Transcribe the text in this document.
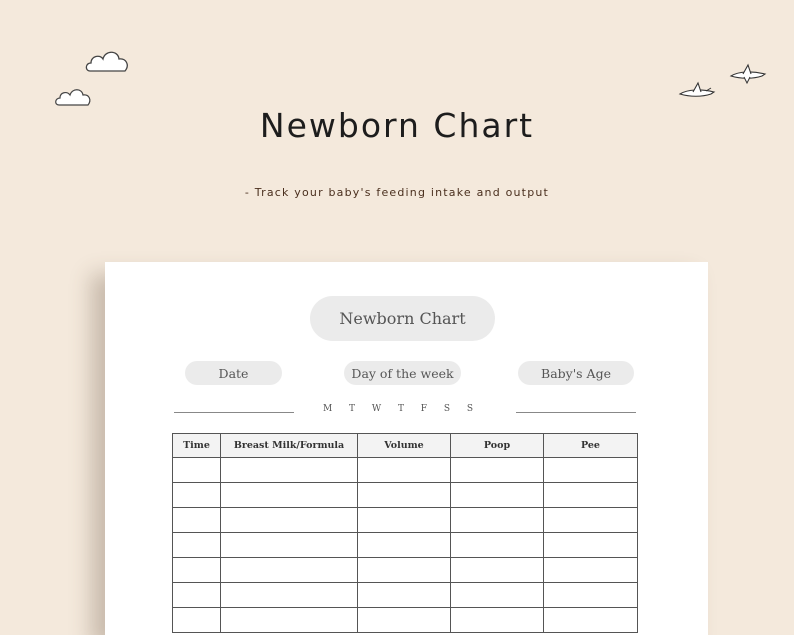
Newborn Chart
- Track your baby's feeding intake and output
Newborn Chart
Date	Day of the week	Baby's Age
M T W T F S S
Time	Breast Milk/Formula	Volume	Poop	Pee
